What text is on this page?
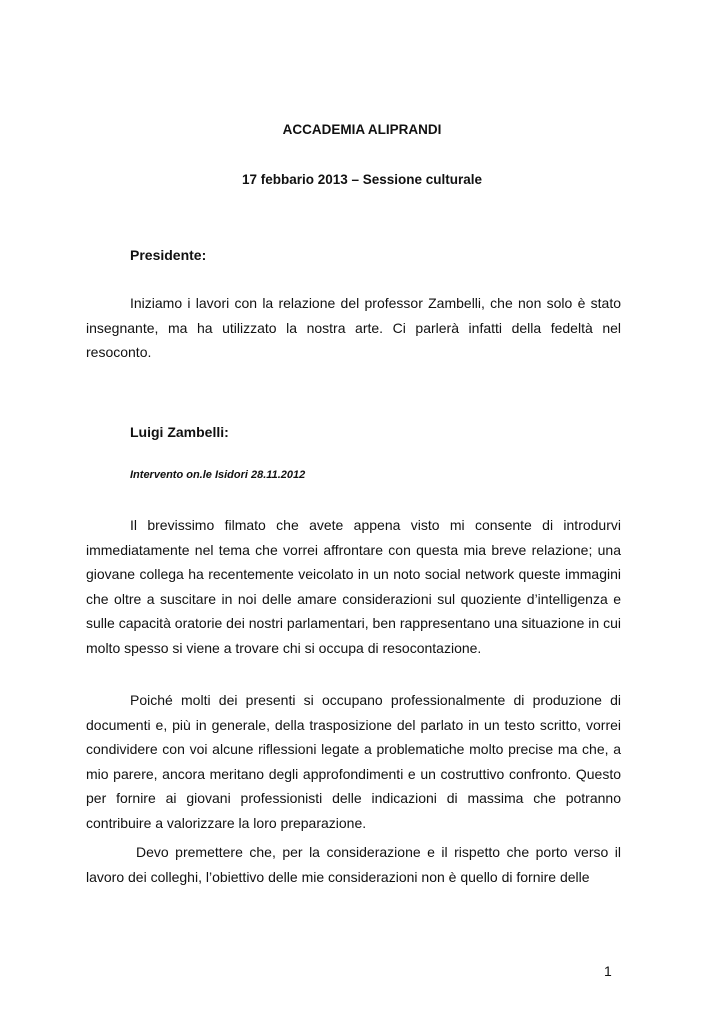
ACCADEMIA ALIPRANDI
17 febbario 2013 – Sessione culturale
Presidente:

Iniziamo i lavori con la relazione del professor Zambelli, che non solo è stato insegnante, ma ha utilizzato la nostra arte. Ci parlerà infatti della fedeltà nel resoconto.

Luigi Zambelli:
Intervento on.le Isidori 28.11.2012

Il brevissimo filmato che avete appena visto mi consente di introdurvi immediatamente nel tema che vorrei affrontare con questa mia breve relazione; una giovane collega ha recentemente veicolato in un noto social network queste immagini che oltre a suscitare in noi delle amare considerazioni sul quoziente d’intelligenza e sulle capacità oratorie dei nostri parlamentari, ben rappresentano una situazione in cui molto spesso si viene a trovare chi si occupa di resocontazione.

Poiché molti dei presenti si occupano professionalmente di produzione di documenti e, più in generale, della trasposizione del parlato in un testo scritto, vorrei condividere con voi alcune riflessioni legate a problematiche molto precise ma che, a mio parere, ancora meritano degli approfondimenti e un costruttivo confronto. Questo per fornire ai giovani professionisti delle indicazioni di massima che potranno contribuire a valorizzare la loro preparazione.

Devo premettere che, per la considerazione e il rispetto che porto verso il lavoro dei colleghi, l’obiettivo delle mie considerazioni non è quello di fornire delle

1
